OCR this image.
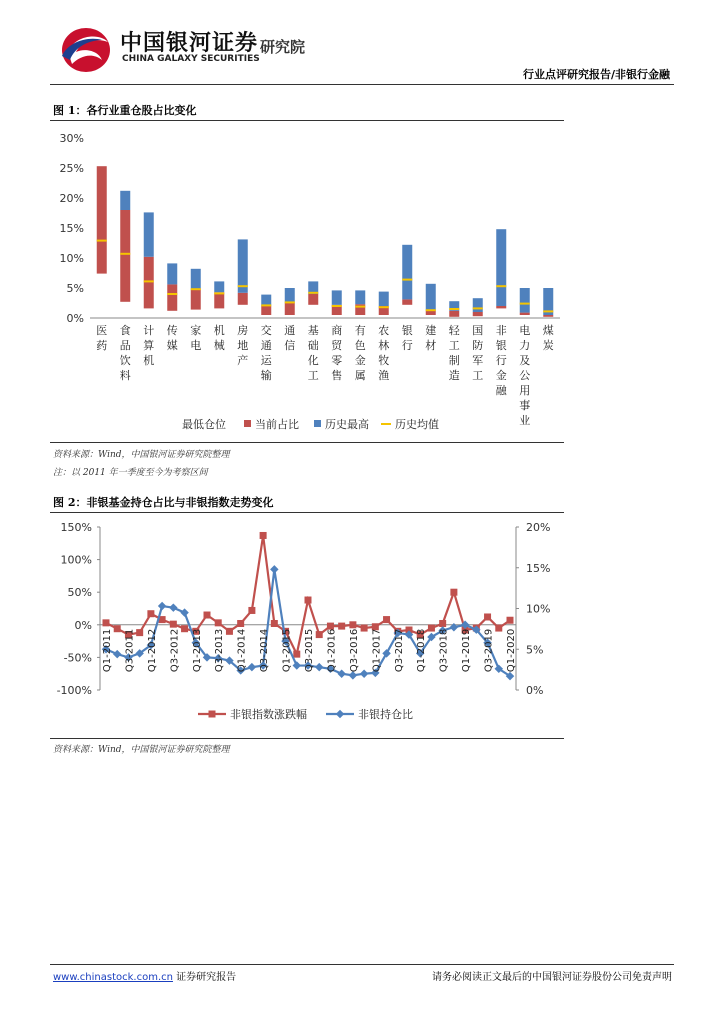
中国银河证券
CHINA GALAXY SECURITIES
研究院
行业点评研究报告/非银行金融
图 1：各行业重仓股占比变化
30%
25%
20%
15%
10%
5%
0%
医药
食品饮料
计算机
传媒
家电
机械
房地产
交通运输
通信
基础化工
商贸零售
有色金属
农林牧渔
银行
建材
轻工制造
国防军工
非银行金融
电力及公用事业
煤炭
最低仓位	当前占比 历史最高 历史均值
资料来源：Wind，中国银河证券研究院整理
注：以 2011 年一季度至今为考察区间
图 2：非银基金持仓占比与非银指数走势变化
150%
100%
50%
0%
-50%
-100%
20%
15%
10%
5%
0%
Q1-2011 Q3-2011 Q1-2012 Q3-2012 Q1-2013 Q3-2013 Q1-2014 Q3-2014 Q1-2015 Q3-2015 Q1-2016 Q3-2016 Q1-2017 Q3-2017 Q1-2018 Q3-2018 Q1-2019 Q3-2019 Q1-2020
非银指数涨跌幅	非银持仓比
资料来源：Wind，中国银河证券研究院整理
www.chinastock.com.cn 证券研究报告	请务必阅读正文最后的中国银河证券股份公司免责声明
